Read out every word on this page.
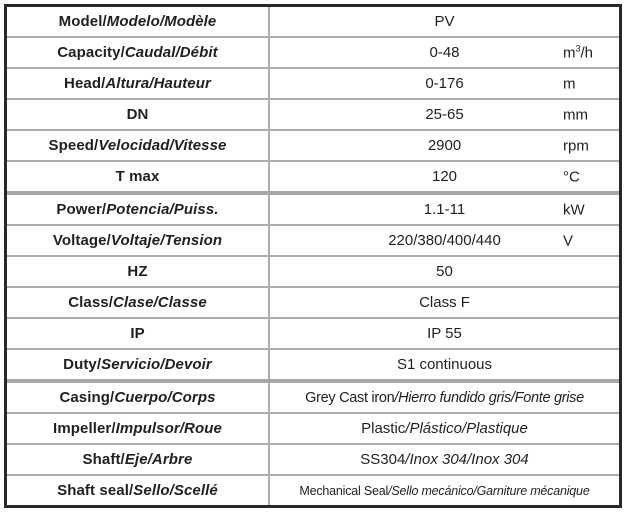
Model/ Modelo/Modèle	PV
Capacity/ Caudal/Débit	0-48	$m^3/h$
Head/ Altura/Hauteur	0-176	m
DN	25-65	mm
Speed/ Velocidad/Vitesse	2900	rpm
T max	120	°C
Power/ Potencia/Puiss.	1.1-11	kW
Voltage/ Voltaje/Tension	220/380/400/440	V
HZ	50
Class/ Clase/Classe	Class F
IP	IP 55
Duty/ Servicio/Devoir	S1 continuous
Casing/ Cuerpo/Corps	Grey Cast iron/Hierro fundido gris/Fonte grise
Impeller/ Impulsor/Roue	Plastic/Plástico/Plastique
Shaft/ Eje/Arbre	SS304/Inox 304/Inox 304
Shaft seal/ Sello/Scellé	Mechanical Seal/Sello mecánico/Garniture mécanique
